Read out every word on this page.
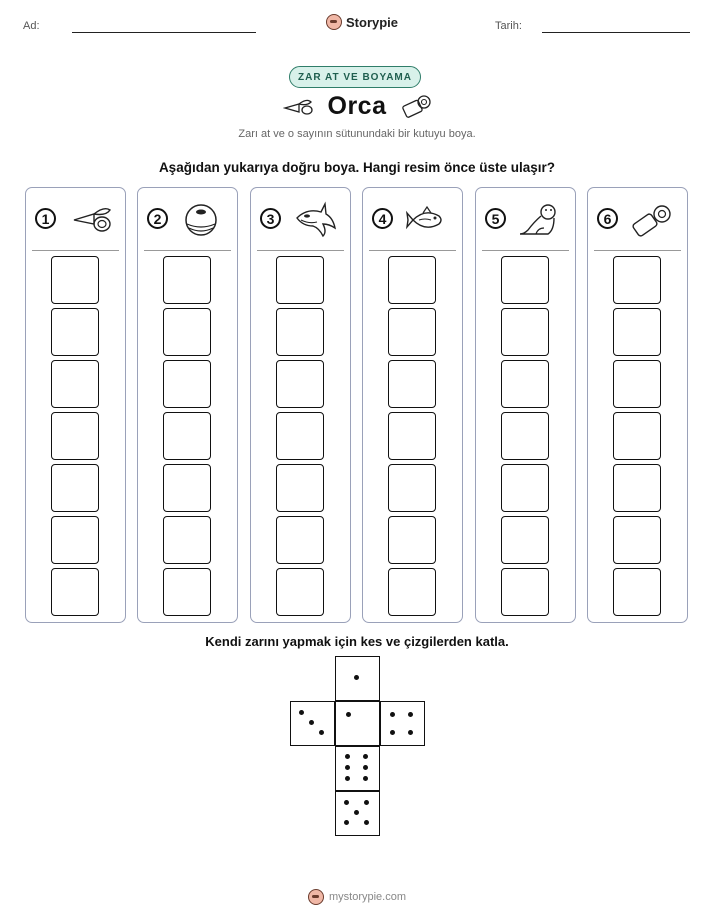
Ad:	Storypie	Tarih:
ZAR AT VE BOYAMA
Orca
Zarı at ve o sayının sütunundaki bir kutuyu boya.
Aşağıdan yukarıya doğru boya. Hangi resim önce üste ulaşır?
1	2	3	4	5	6
Kendi zarını yapmak için kes ve çizgilerden katla.
mystorypie.com
